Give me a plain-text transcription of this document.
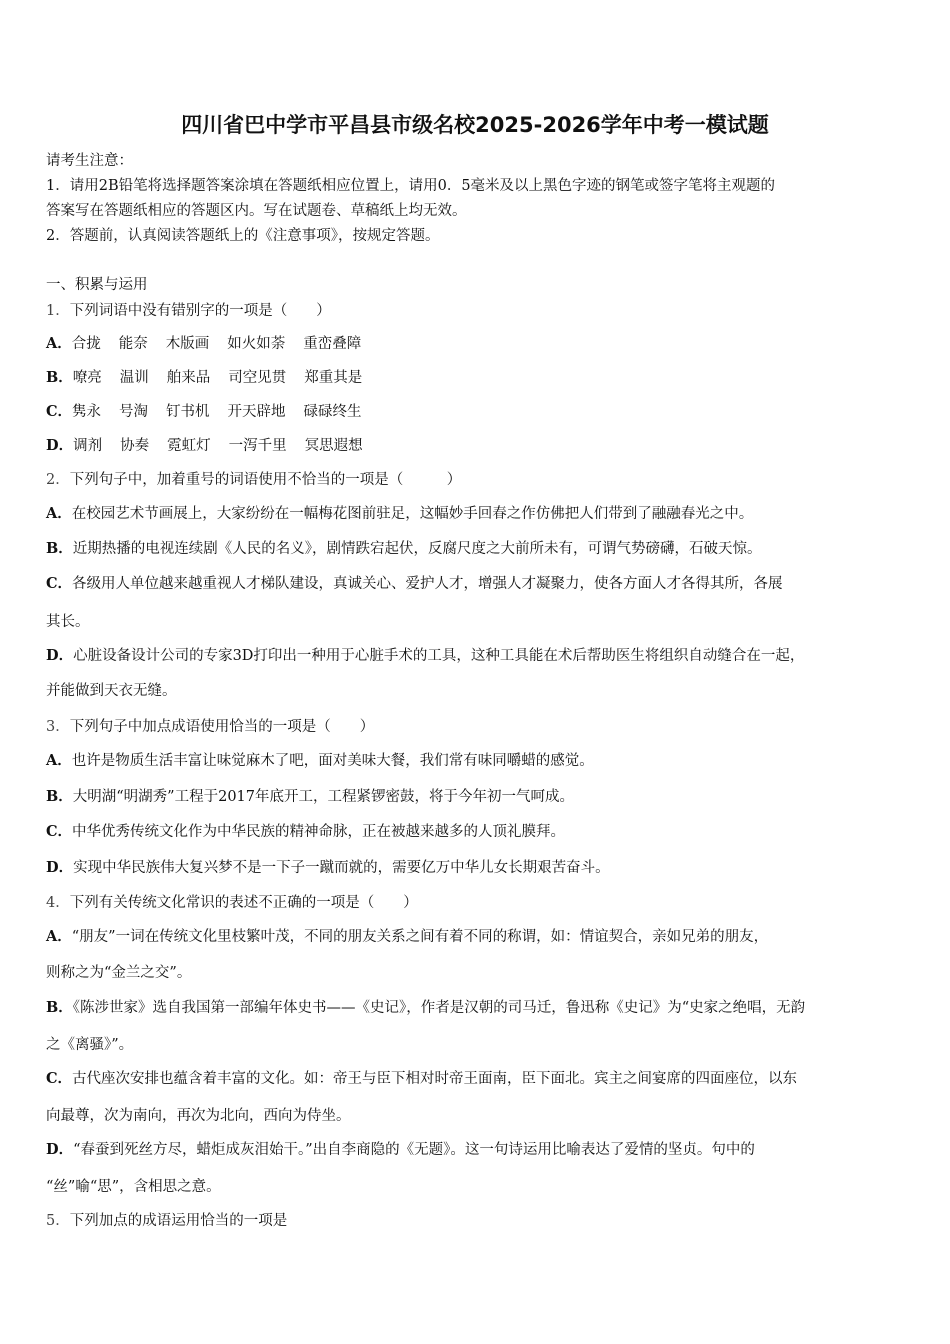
四川省巴中学市平昌县市级名校2025-2026学年中考一模试题
请考生注意：
1．请用2B铅笔将选择题答案涂填在答题纸相应位置上，请用0．5毫米及以上黑色字迹的钢笔或签字笔将主观题的
答案写在答题纸相应的答题区内。写在试题卷、草稿纸上均无效。
2．答题前，认真阅读答题纸上的《注意事项》，按规定答题。
一、积累与运用
1．下列词语中没有错别字的一项是（　　）
A．合拢 能奈 木版画 如火如荼 重峦叠障
B．嘹亮 温训 舶来品 司空见贯 郑重其是
C．隽永 号淘 钉书机 开天辟地 碌碌终生
D．调剂 协奏 霓虹灯 一泻千里 冥思遐想
2．下列句子中，加着重号的词语使用不恰当的一项是（　　　）
A．在校园艺术节画展上，大家纷纷在一幅梅花图前驻足，这幅妙手回春之作仿佛把人们带到了融融春光之中。
B．近期热播的电视连续剧《人民的名义》，剧情跌宕起伏，反腐尺度之大前所未有，可谓气势磅礴，石破天惊。
C．各级用人单位越来越重视人才梯队建设，真诚关心、爱护人才，增强人才凝聚力，使各方面人才各得其所，各展
其长。
D．心脏设备设计公司的专家3D打印出一种用于心脏手术的工具，这种工具能在术后帮助医生将组织自动缝合在一起，
并能做到天衣无缝。
3．下列句子中加点成语使用恰当的一项是（　　）
A．也许是物质生活丰富让味觉麻木了吧，面对美味大餐，我们常有味同嚼蜡的感觉。
B．大明湖“明湖秀”工程于2017年底开工，工程紧锣密鼓，将于今年初一气呵成。
C．中华优秀传统文化作为中华民族的精神命脉，正在被越来越多的人顶礼膜拜。
D．实现中华民族伟大复兴梦不是一下子一蹴而就的，需要亿万中华儿女长期艰苦奋斗。
4．下列有关传统文化常识的表述不正确的一项是（　　）
A．“朋友”一词在传统文化里枝繁叶茂，不同的朋友关系之间有着不同的称谓，如：情谊契合，亲如兄弟的朋友，
则称之为“金兰之交”。
B．《陈涉世家》选自我国第一部编年体史书——《史记》，作者是汉朝的司马迁，鲁迅称《史记》为“史家之绝唱，无韵
之《离骚》”。
C．古代座次安排也蕴含着丰富的文化。如：帝王与臣下相对时帝王面南，臣下面北。宾主之间宴席的四面座位，以东
向最尊，次为南向，再次为北向，西向为侍坐。
D．“春蚕到死丝方尽，蜡炬成灰泪始干。”出自李商隐的《无题》。这一句诗运用比喻表达了爱情的坚贞。句中的
“丝”喻“思”，含相思之意。
5．下列加点的成语运用恰当的一项是
